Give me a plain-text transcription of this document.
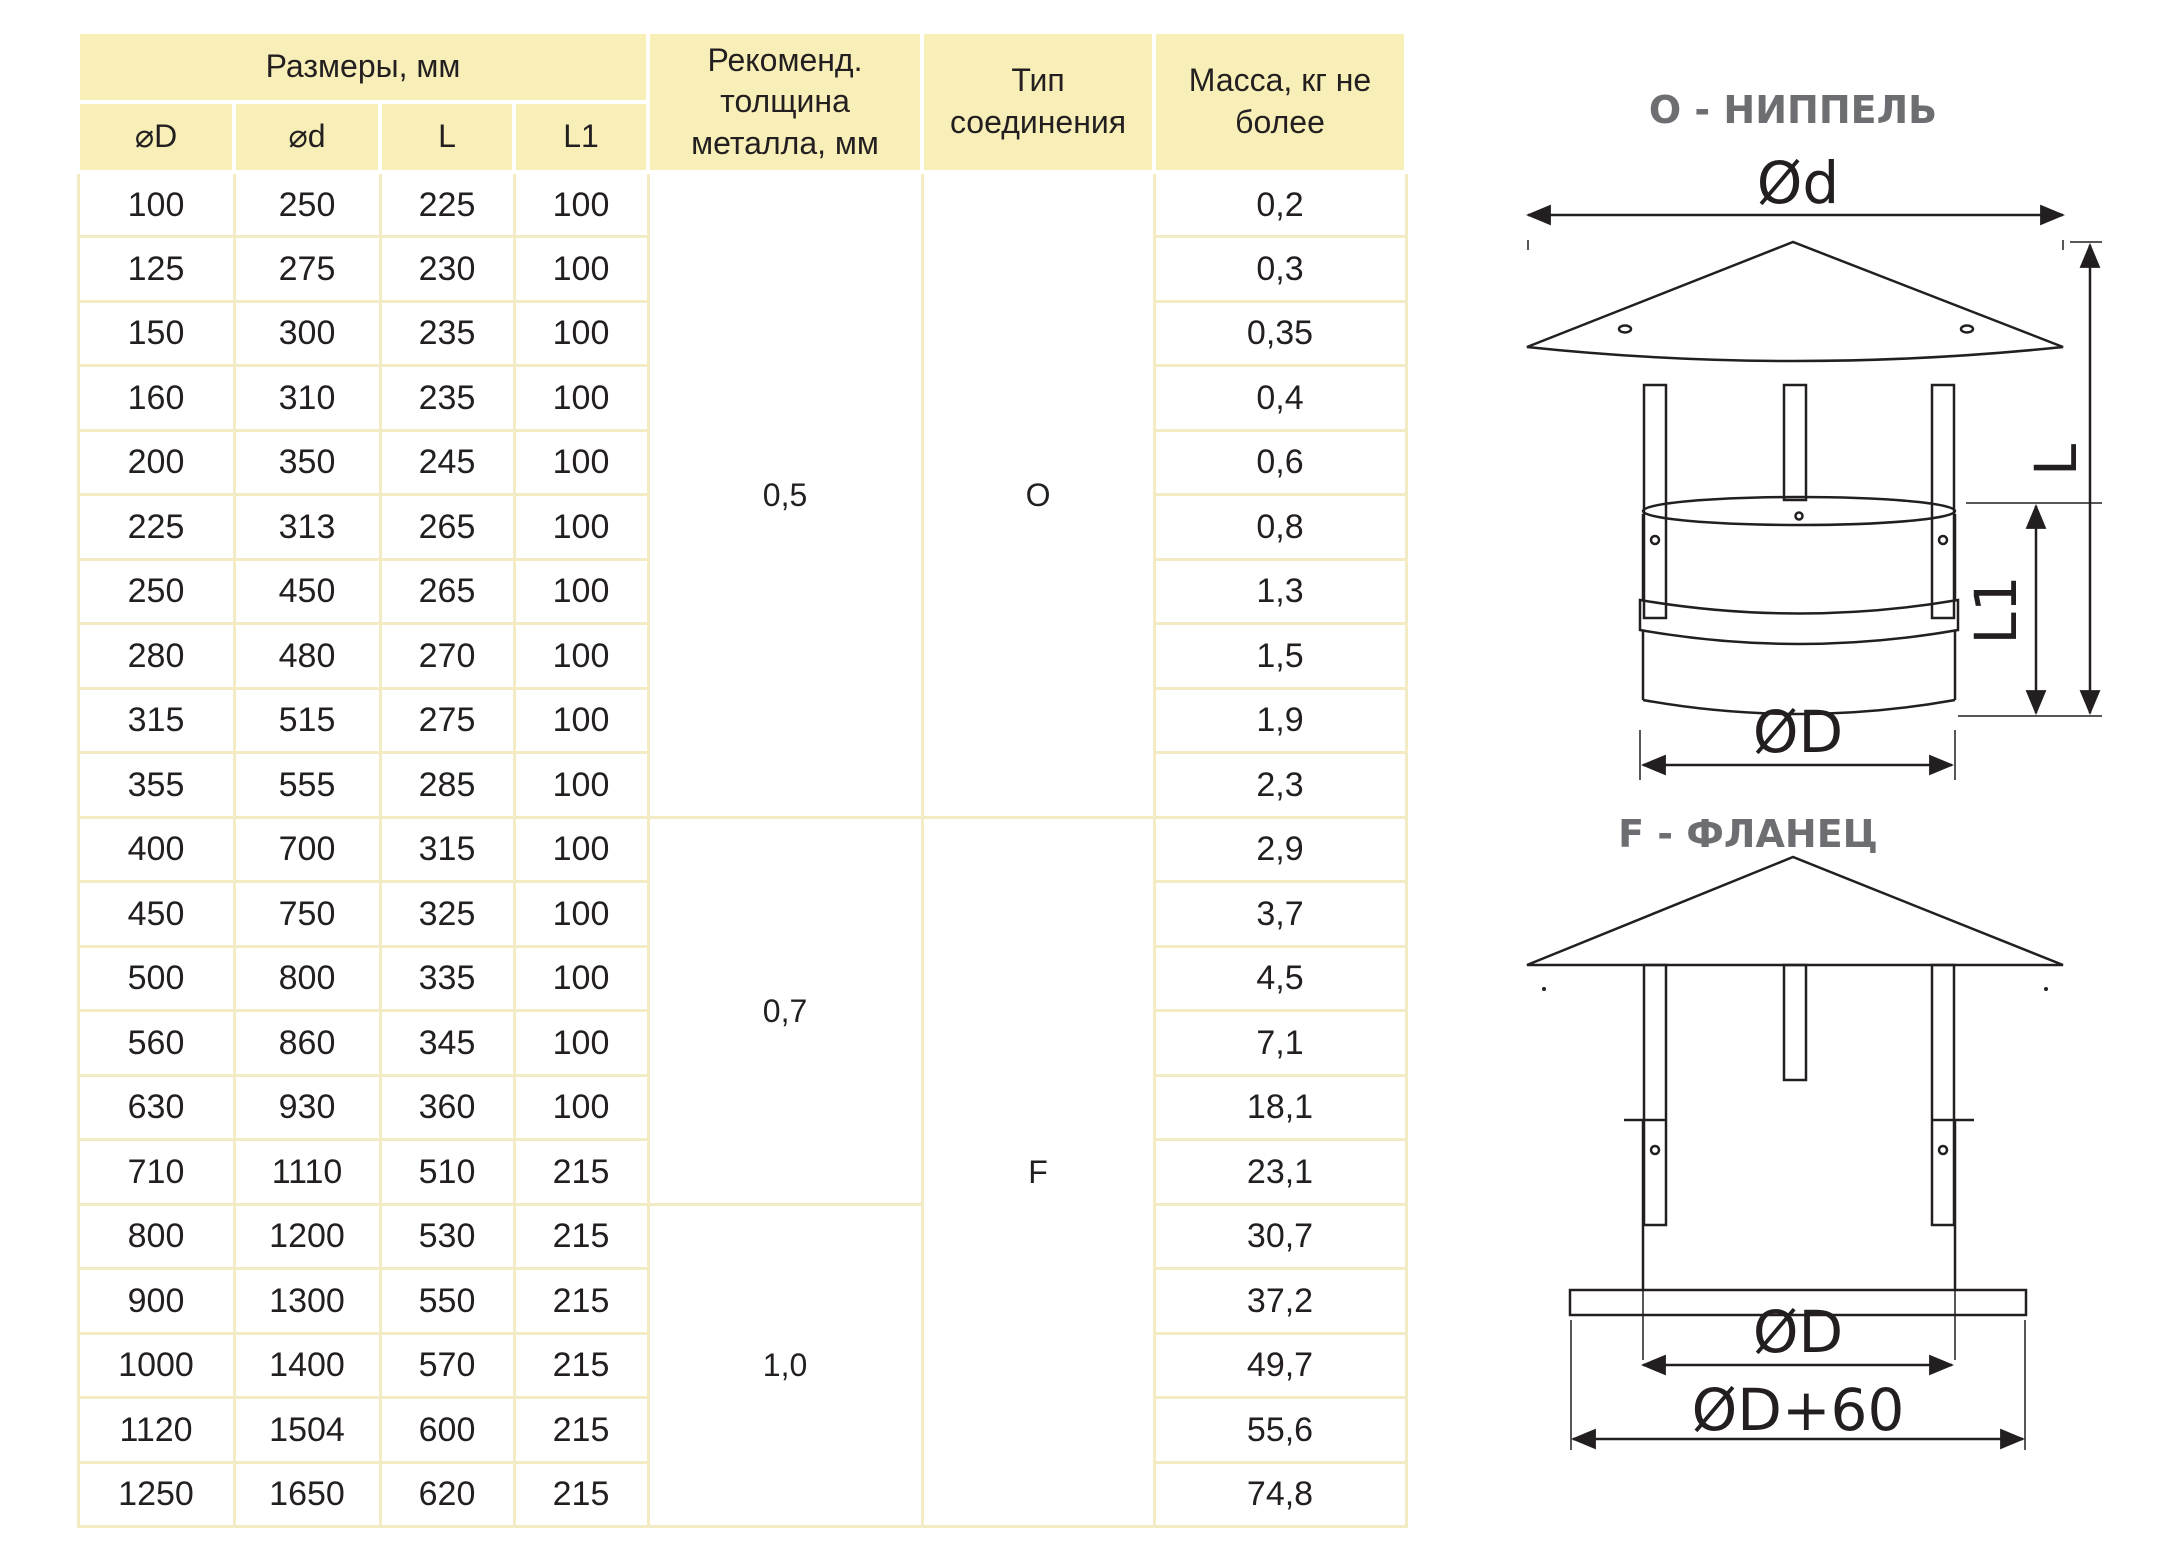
Размеры, мм				Рекоменд. толщина металла, мм	Тип соединения	Масса, кг не более
⌀D	⌀d	L	L1			
100	250	225	100	0,5	O	0,2
125	275	230	100			0,3
150	300	235	100			0,35
160	310	235	100			0,4
200	350	245	100			0,6
225	313	265	100			0,8
250	450	265	100			1,3
280	480	270	100			1,5
315	515	275	100			1,9
355	555	285	100			2,3
400	700	315	100	0,7	F	2,9
450	750	325	100			3,7
500	800	335	100			4,5
560	860	345	100			7,1
630	930	360	100			18,1
710	1110	510	215			23,1
800	1200	530	215	1,0		30,7
900	1300	550	215			37,2
1000	1400	570	215			49,7
1120	1504	600	215			55,6
1250	1650	620	215			74,8
O - НИППЕЛЬ
Ød
L
L1
ØD
F - ФЛАНЕЦ
ØD
ØD+60
